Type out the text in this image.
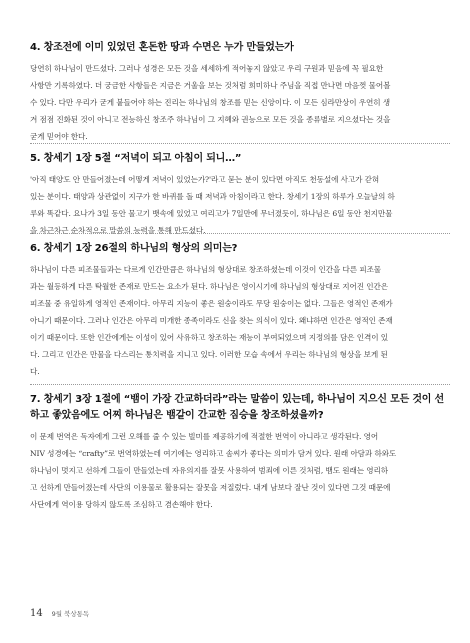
4. 창조전에 이미 있었던 혼돈한 땅과 수면은 누가 만들었는가

당연히 하나님이 만드셨다. 그러나 성경은 모든 것을 세세하게 적어놓지 않았고 우리 구원과 믿음에 꼭 필요한
사항만 기록하였다. 더 궁금한 사항들은 지금은 거울을 보는 것처럼 희미하나 주님을 직접 만나면 마음껏 물어볼
수 있다. 다만 우리가 굳게 붙들어야 하는 진리는 하나님의 창조를 믿는 신앙이다. 이 모든 심라만상이 우연히 생
겨 점점 진화된 것이 아니고 전능하신 창조주 하나님이 그 지혜와 권능으로 모든 것을 종류별로 지으셨다는 것을
굳게 믿어야 한다.

5. 창세기 1장 5절 “저녁이 되고 아침이 되니…”

'아직 태양도 안 만들어졌는데 어떻게 저녁이 있었는가?'라고 묻는 분이 있다면 아직도 천동설에 사고가 갇혀
있는 분이다. 태양과 상관없이 지구가 한 바퀴를 돌 때 저녁과 아침이라고 한다. 창세기 1장의 하루가 오늘날의 하
루와 똑같다. 요나가 3일 동안 물고기 뱃속에 있었고 여리고가 7일만에 무너졌듯이, 하나님은 6일 동안 천지만물
을 차근차근 순차적으로 말씀의 능력을 통해 만드셨다.

6. 창세기 1장 26절의 하나님의 형상의 의미는?

하나님이 다른 피조물들과는 다르게 인간만큼은 하나님의 형상대로 창조하셨는데 이것이 인간을 다른 피조물
과는 월등하게 다른 탁월한 존재로 만드는 요소가 된다. 하나님은 영이시기에 하나님의 형상대로 지어진 인간은
피조물 중 유일하게 영적인 존재이다. 아무리 지능이 좋은 원숭이라도 무당 원숭이는 없다. 그들은 영적인 존재가
아니기 때문이다. 그러나 인간은 아무리 미개한 종족이라도 신을 찾는 의식이 있다. 왜냐하면 인간은 영적인 존재
이기 때문이다. 또한 인간에게는 이성이 있어 사유하고 창조하는 재능이 부여되었으며 지정의를 담은 인격이 있
다. 그리고 인간은 만물을 다스리는 통치력을 지니고 있다. 이러한 모습 속에서 우리는 하나님의 형상을 보게 된
다.

7. 창세기 3장 1절에 “뱀이 가장 간교하더라”라는 말씀이 있는데, 하나님이 지으신 모든 것이 선하고 좋았음에도 어찌 하나님은 뱀같이 간교한 짐승을 창조하셨을까?

이 문제 번역은 독자에게 그런 오해를 줄 수 있는 빌미를 제공하기에 적절한 번역이 아니라고 생각된다. 영어
NIV 성경에는 “crafty”로 번역하였는데 여기에는 영리하고 솜씨가 좋다는 의미가 담겨 있다. 원래 아담과 하와도
하나님이 멋지고 선하게 그들이 만들었는데 자유의지를 잘못 사용하여 범죄에 이른 것처럼, 뱀도 원래는 영리하
고 선하게 만들어졌는데 사단의 이용물로 활용되는 잘못을 저질렀다. 내게 남보다 잘난 것이 있다면 그것 때문에
사단에게 역이용 당하지 않도록 조심하고 겸손해야 한다.

14 9월 북상통독
